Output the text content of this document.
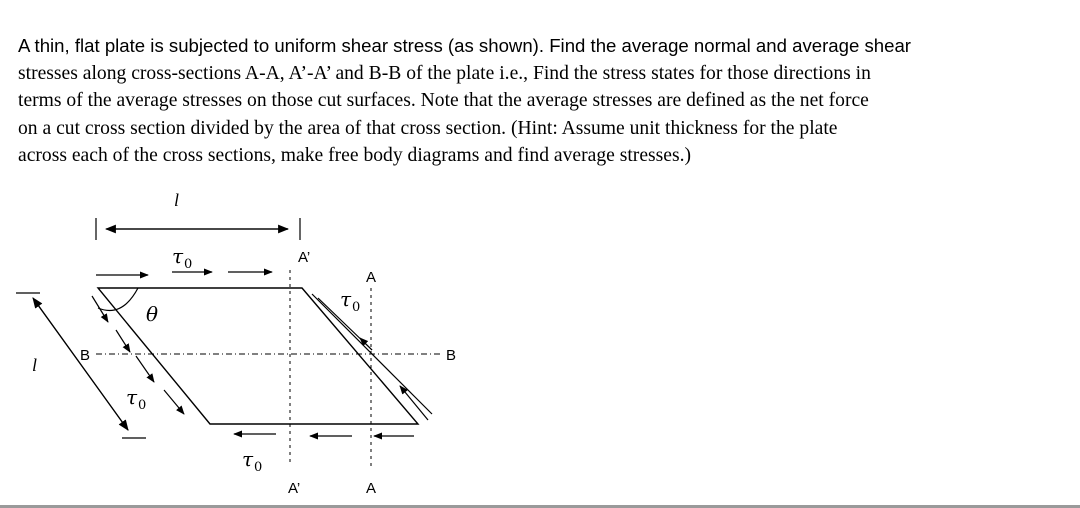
A thin, flat plate is subjected to uniform shear stress (as shown). Find the average normal and average shear
stresses along cross-sections A-A, A’-A’ and B-B of the plate i.e., Find the stress states for those directions in
terms of the average stresses on those cut surfaces. Note that the average stresses are defined as the net force
on a cut cross section divided by the area of that cross section. (Hint: Assume unit thickness for the plate
across each of the cross sections, make free body diagrams and find average stresses.)
l
l
θ
τ 0
τ 0
τ 0
τ 0
A’
A’
A
A
B	B
